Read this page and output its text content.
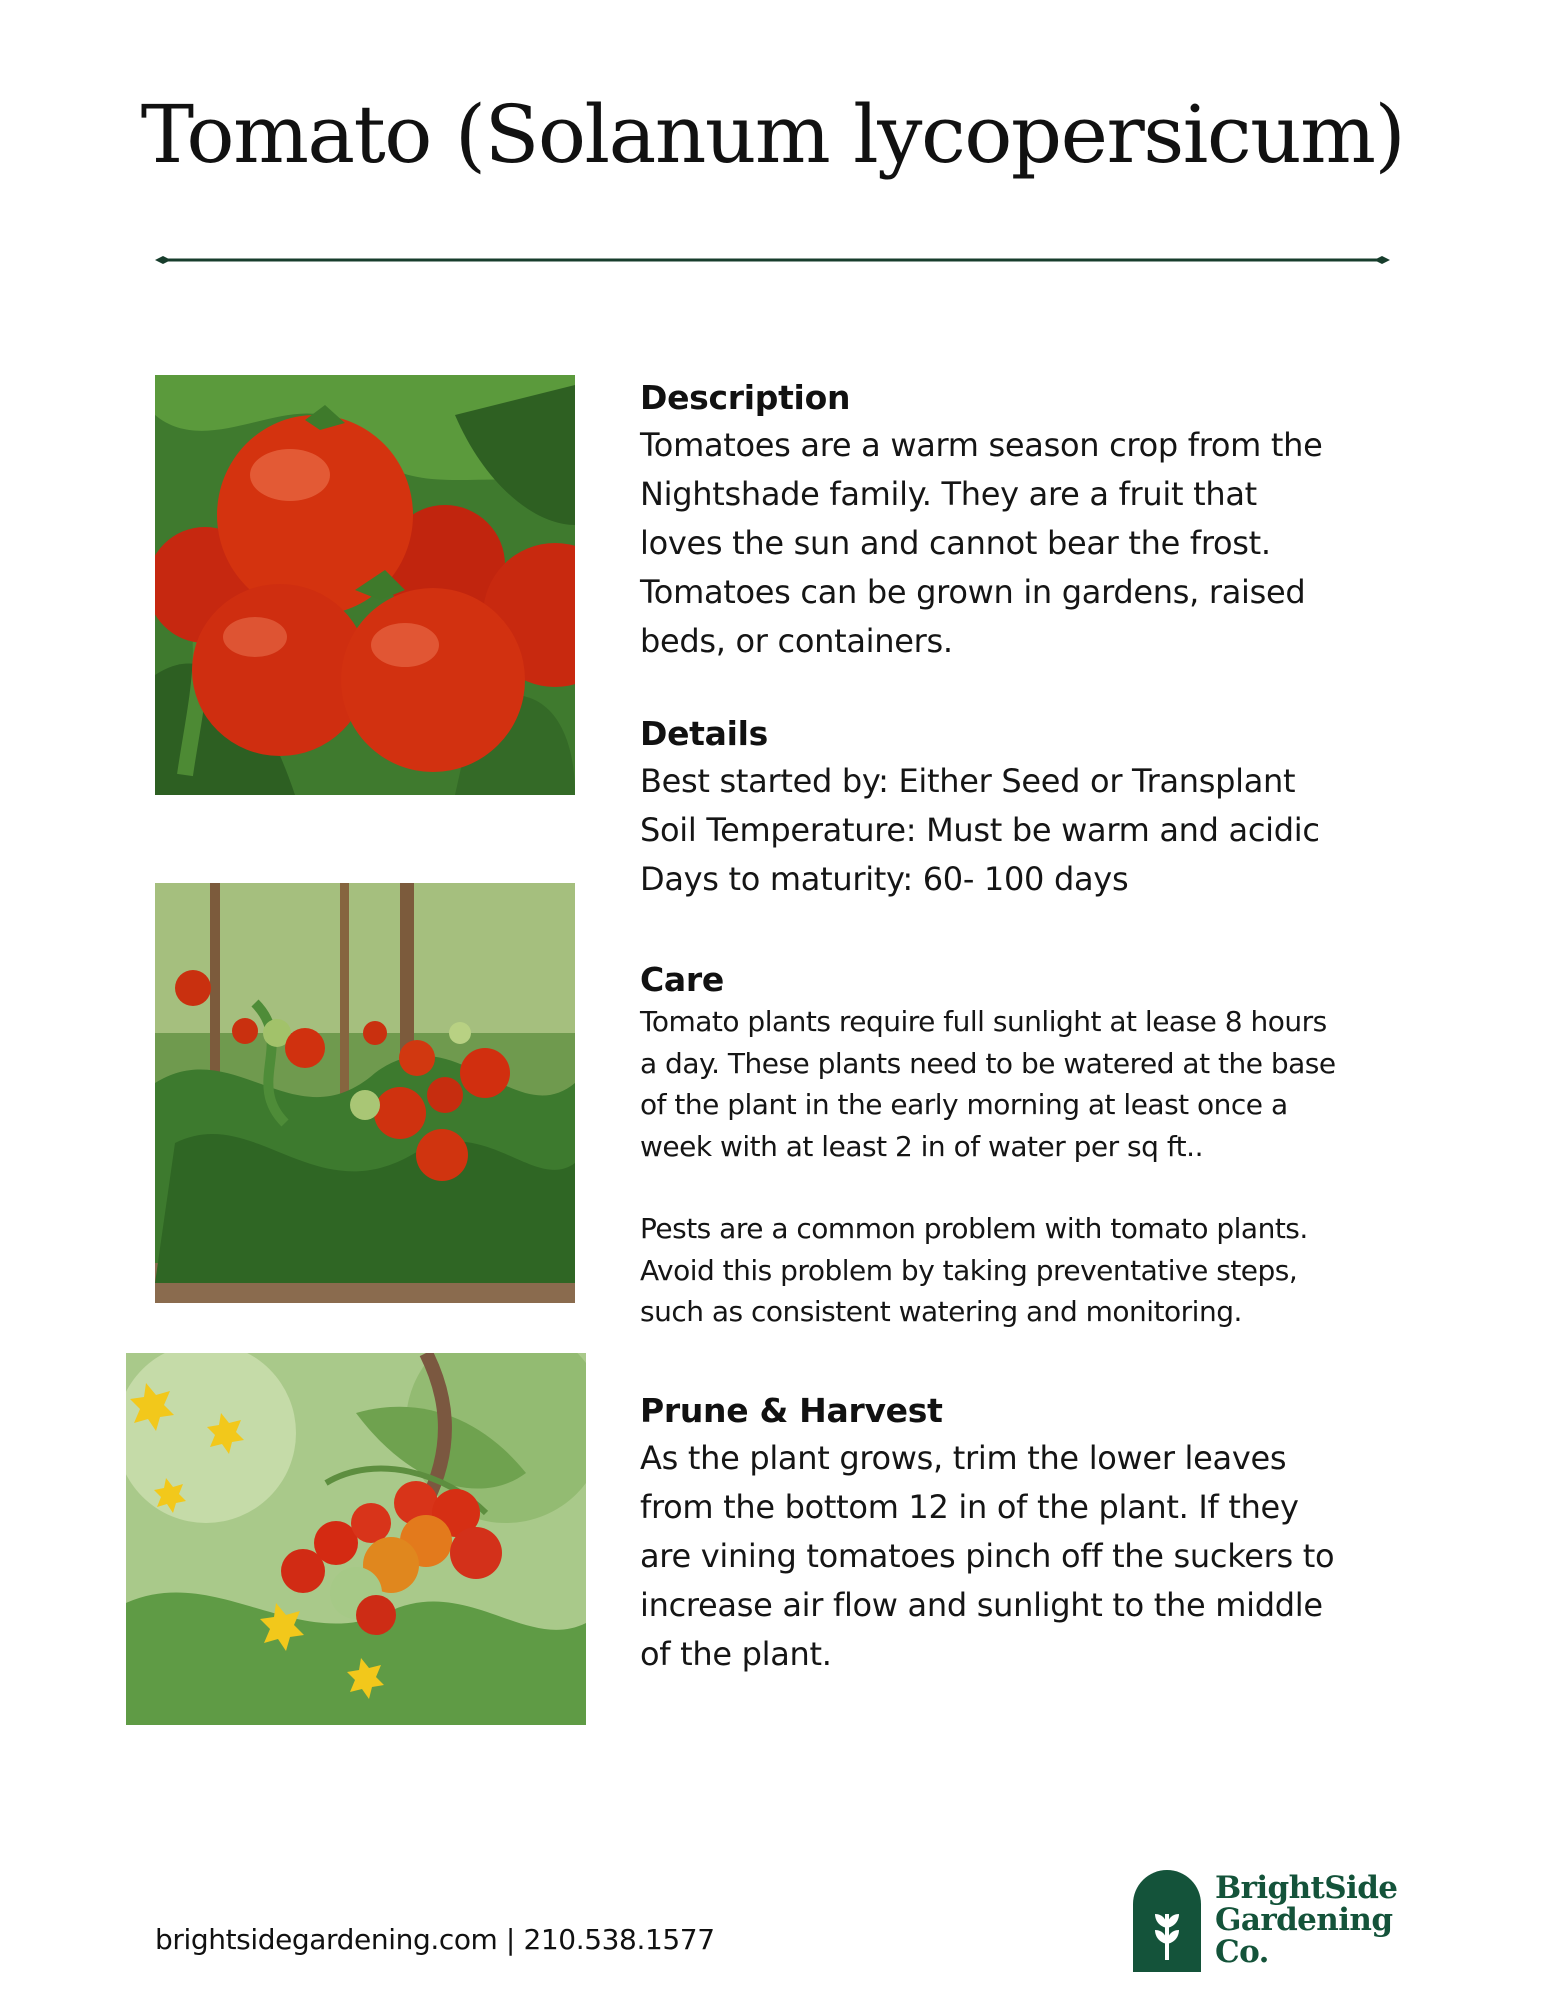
Tomato (Solanum lycopersicum)
Description
Tomatoes are a warm season crop from the
Nightshade family. They are a fruit that
loves the sun and cannot bear the frost.
Tomatoes can be grown in gardens, raised
beds, or containers.
Details
Best started by: Either Seed or Transplant
Soil Temperature: Must be warm and acidic
Days to maturity: 60- 100 days
Care
Tomato plants require full sunlight at lease 8 hours
a day. These plants need to be watered at the base
of the plant in the early morning at least once a
week with at least 2 in of water per sq ft..
Pests are a common problem with tomato plants.
Avoid this problem by taking preventative steps,
such as consistent watering and monitoring.
Prune & Harvest
As the plant grows, trim the lower leaves
from the bottom 12 in of the plant. If they
are vining tomatoes pinch off the suckers to
increase air flow and sunlight to the middle
of the plant.
brightsidegardening.com | 210.538.1577
BrightSide
Gardening
Co.
